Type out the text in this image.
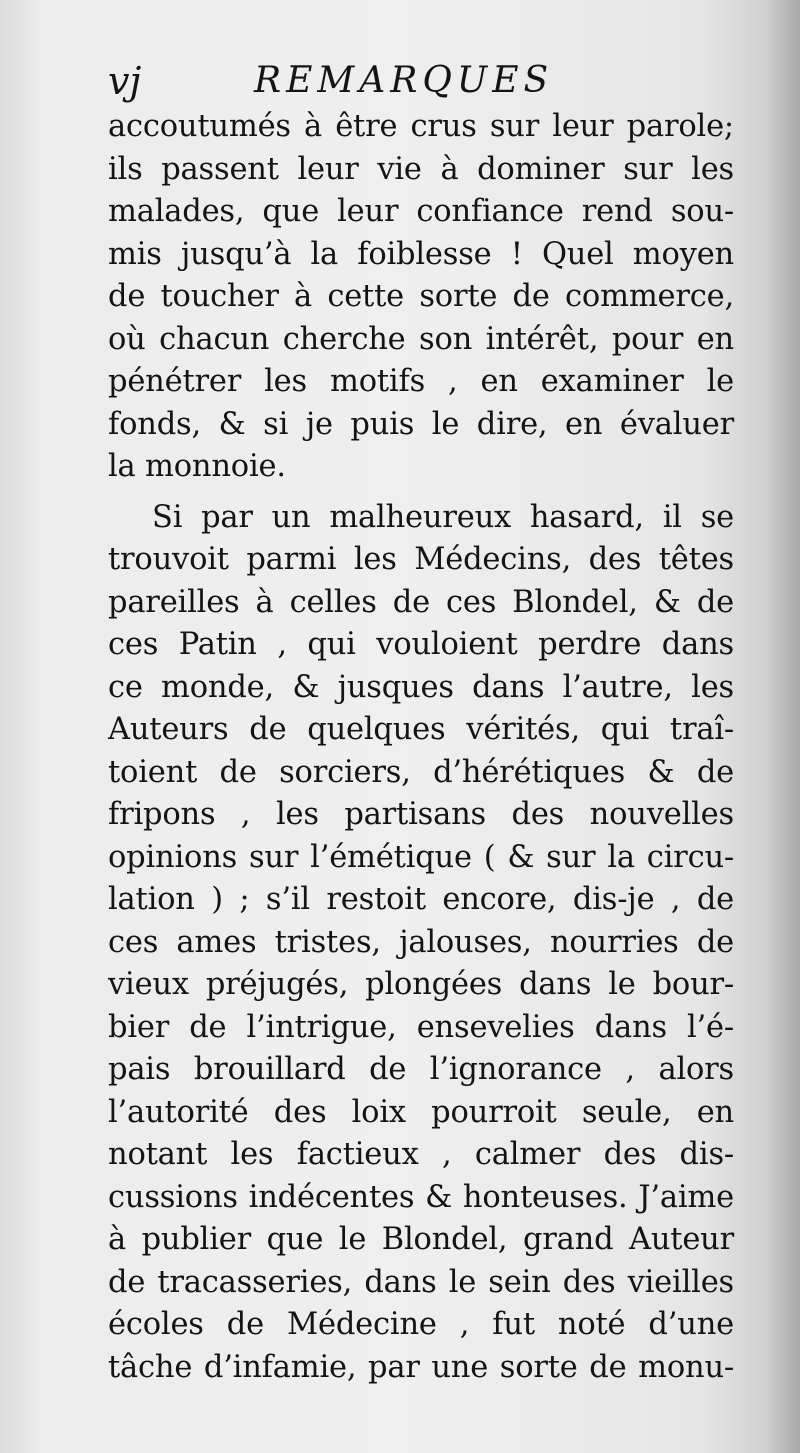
vj	REMARQUES
accoutumés à être crus sur leur parole;
ils passent leur vie à dominer sur les
malades, que leur confiance rend sou-
mis jusqu’à la foiblesse ! Quel moyen
de toucher à cette sorte de commerce,
où chacun cherche son intérêt, pour en
pénétrer les motifs , en examiner le
fonds, & si je puis le dire, en évaluer
la monnoie.
Si par un malheureux hasard, il se
trouvoit parmi les Médecins, des têtes
pareilles à celles de ces Blondel, & de
ces Patin , qui vouloient perdre dans
ce monde, & jusques dans l’autre, les
Auteurs de quelques vérités, qui traî-
toient de sorciers, d’hérétiques & de
fripons , les partisans des nouvelles
opinions sur l’émétique ( & sur la circu-
lation ) ; s’il restoit encore, dis-je , de
ces ames tristes, jalouses, nourries de
vieux préjugés, plongées dans le bour-
bier de l’intrigue, ensevelies dans l’é-
pais brouillard de l’ignorance , alors
l’autorité des loix pourroit seule, en
notant les factieux , calmer des dis-
cussions indécentes & honteuses. J’aime
à publier que le Blondel, grand Auteur
de tracasseries, dans le sein des vieilles
écoles de Médecine , fut noté d’une
tâche d’infamie, par une sorte de monu-
